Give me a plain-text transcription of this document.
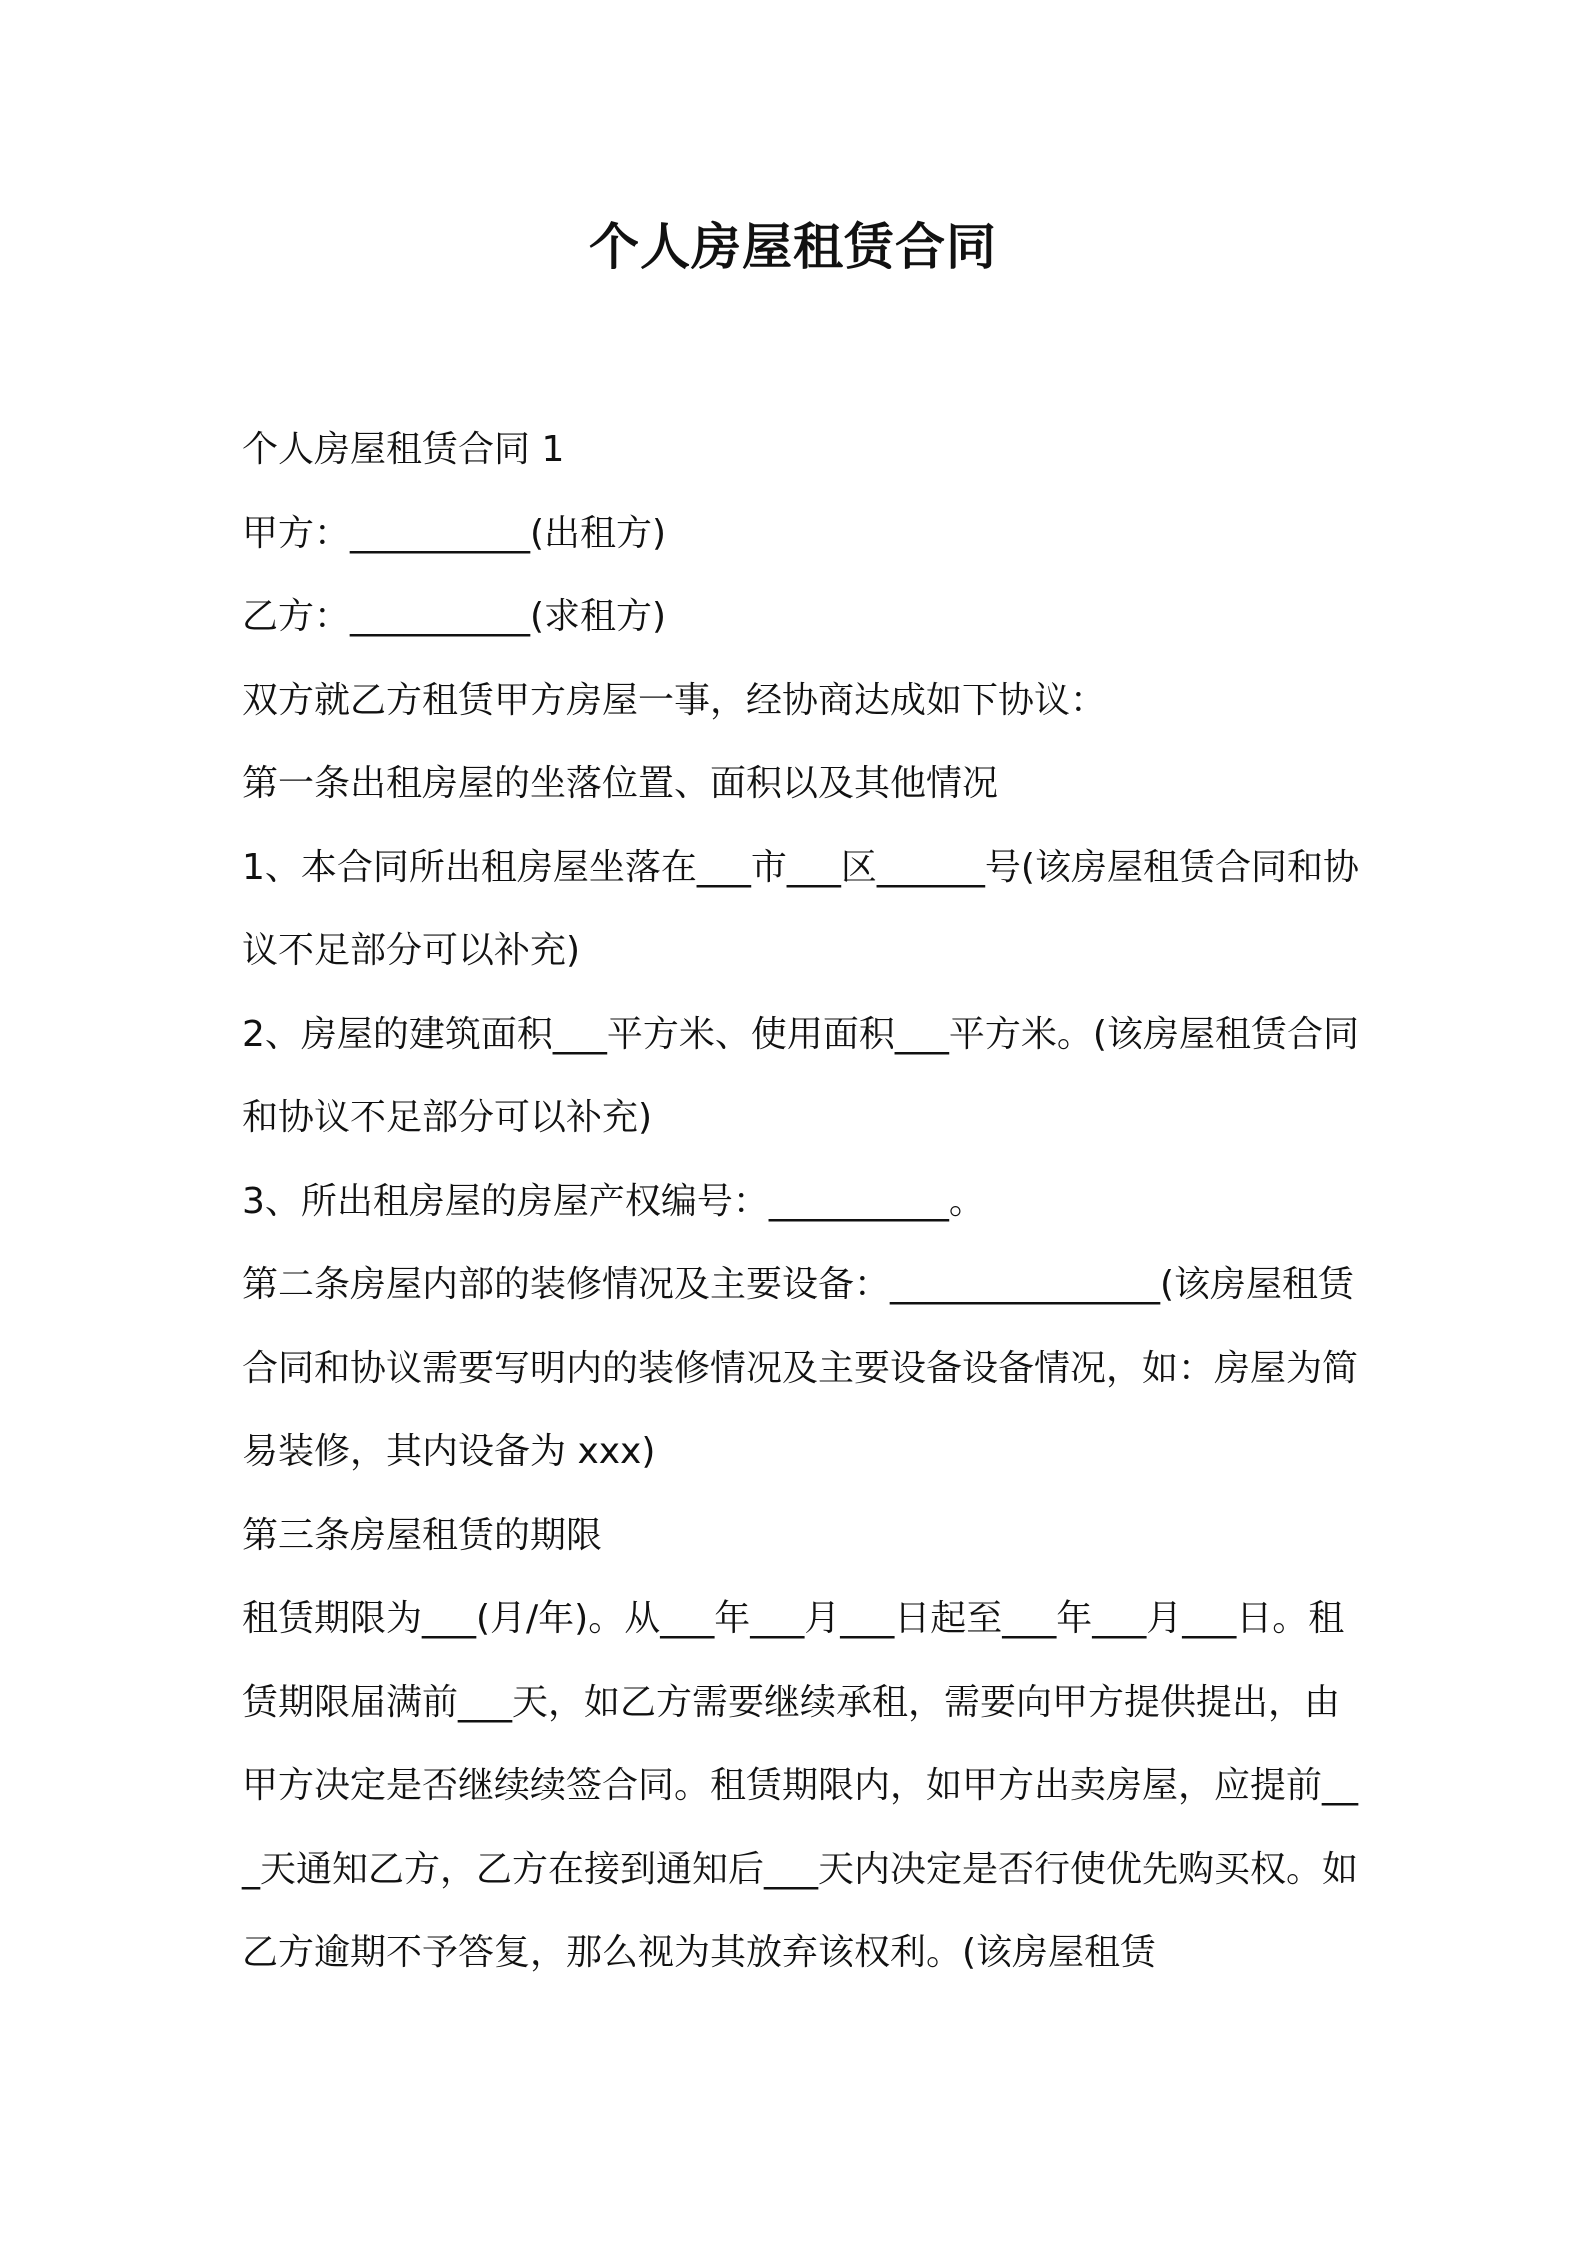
个人房屋租赁合同

个人房屋租赁合同 1

甲方：__________(出租方)

乙方：__________(求租方)

双方就乙方租赁甲方房屋一事，经协商达成如下协议：

第一条出租房屋的坐落位置、面积以及其他情况

1、本合同所出租房屋坐落在___市___区______号(该房屋租赁合同和协议不足部分可以补充)

2、房屋的建筑面积___平方米、使用面积___平方米。(该房屋租赁合同和协议不足部分可以补充)

3、所出租房屋的房屋产权编号：__________。

第二条房屋内部的装修情况及主要设备：_______________(该房屋租赁合同和协议需要写明内的装修情况及主要设备设备情况，如：房屋为简易装修，其内设备为 xxx)

第三条房屋租赁的期限

租赁期限为___(月/年)。从___年___月___日起至___年___月___日。租赁期限届满前___天，如乙方需要继续承租，需要向甲方提供提出，由甲方决定是否继续续签合同。租赁期限内，如甲方出卖房屋，应提前___天通知乙方，乙方在接到通知后___天内决定是否行使优先购买权。如乙方逾期不予答复，那么视为其放弃该权利。(该房屋租赁
